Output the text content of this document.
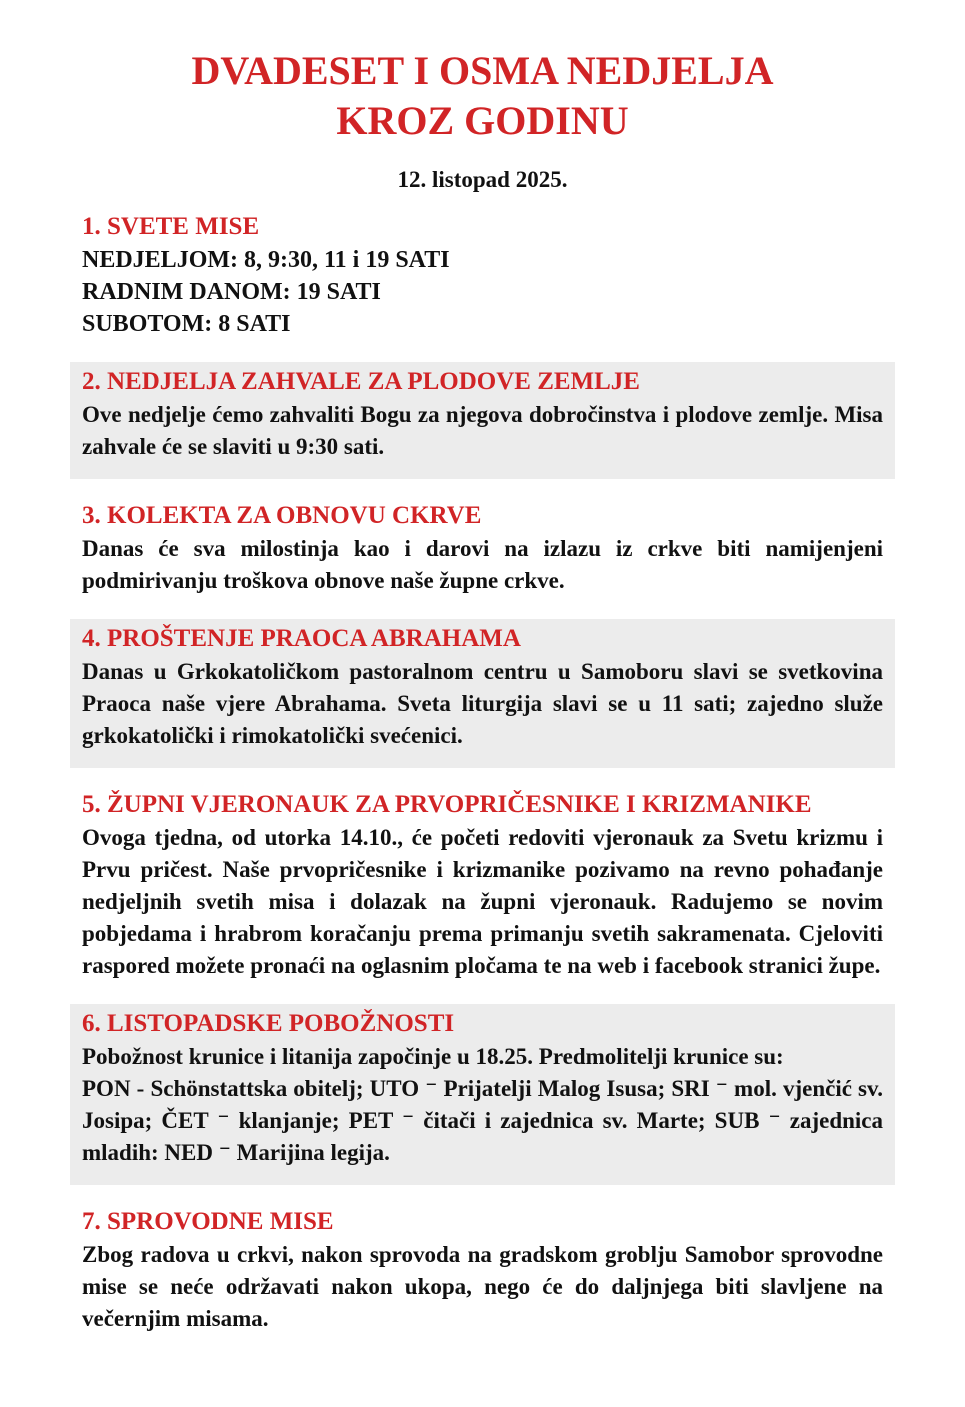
DVADESET I OSMA NEDJELJA
KROZ GODINU
12. listopad 2025.
1. SVETE MISE

NEDJELJOM: 8, 9:30, 11 i 19 SATI

RADNIM DANOM: 19 SATI

SUBOTOM: 8 SATI

2. NEDJELJA ZAHVALE ZA PLODOVE ZEMLJE

Ove nedjelje ćemo zahvaliti Bogu za njegova dobročinstva i plodove zemlje. Misa zahvale će se slaviti u 9:30 sati.

3. KOLEKTA ZA OBNOVU CKRVE

Danas će sva milostinja kao i darovi na izlazu iz crkve biti namijenjeni podmirivanju troškova obnove naše župne crkve.

4. PROŠTENJE PRAOCA ABRAHAMA

Danas u Grkokatoličkom pastoralnom centru u Samoboru slavi se svetkovina Praoca naše vjere Abrahama. Sveta liturgija slavi se u 11 sati; zajedno služe grkokatolički i rimokatolički svećenici.

5. ŽUPNI VJERONAUK ZA PRVOPRIČESNIKE I KRIZMANIKE

Ovoga tjedna, od utorka 14.10., će početi redoviti vjeronauk za Svetu krizmu i Prvu pričest. Naše prvopričesnike i krizmanike pozivamo na revno pohađanje nedjeljnih svetih misa i dolazak na župni vjeronauk. Radujemo se novim pobjedama i hrabrom koračanju prema primanju svetih sakramenata. Cjeloviti raspored možete pronaći na oglasnim pločama te na web i facebook stranici župe.

6. LISTOPADSKE POBOŽNOSTI

Pobožnost krunice i litanija započinje u 18.25. Predmolitelji krunice su:

PON - Schönstattska obitelj; UTO ⁻ Prijatelji Malog Isusa; SRI ⁻ mol. vjenčić sv. Josipa; ČET ⁻ klanjanje; PET ⁻ čitači i zajednica sv. Marte; SUB ⁻ zajednica mladih: NED ⁻ Marijina legija.

7. SPROVODNE MISE

Zbog radova u crkvi, nakon sprovoda na gradskom groblju Samobor sprovodne mise se neće održavati nakon ukopa, nego će do daljnjega biti slavljene na večernjim misama.
